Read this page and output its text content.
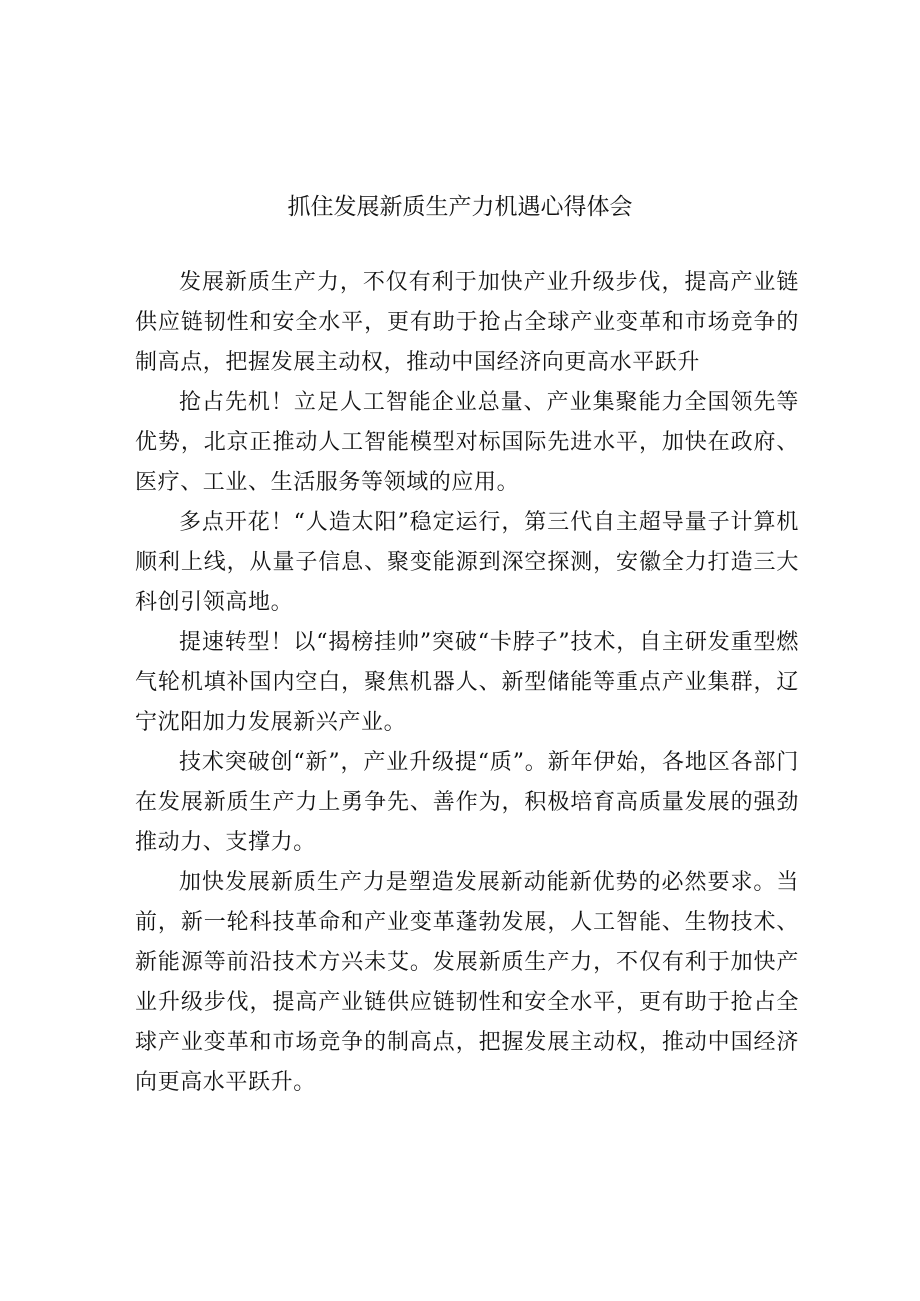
抓住发展新质生产力机遇心得体会

发展新质生产力，不仅有利于加快产业升级步伐，提高产业链供应链韧性和安全水平，更有助于抢占全球产业变革和市场竞争的制高点，把握发展主动权，推动中国经济向更高水平跃升

抢占先机！立足人工智能企业总量、产业集聚能力全国领先等优势，北京正推动人工智能模型对标国际先进水平，加快在政府、医疗、工业、生活服务等领域的应用。

多点开花！“人造太阳”稳定运行，第三代自主超导量子计算机顺利上线，从量子信息、聚变能源到深空探测，安徽全力打造三大科创引领高地。

提速转型！以“揭榜挂帅”突破“卡脖子”技术，自主研发重型燃气轮机填补国内空白，聚焦机器人、新型储能等重点产业集群，辽宁沈阳加力发展新兴产业。

技术突破创“新”，产业升级提“质”。新年伊始，各地区各部门在发展新质生产力上勇争先、善作为，积极培育高质量发展的强劲推动力、支撑力。

加快发展新质生产力是塑造发展新动能新优势的必然要求。当前，新一轮科技革命和产业变革蓬勃发展，人工智能、生物技术、新能源等前沿技术方兴未艾。发展新质生产力，不仅有利于加快产业升级步伐，提高产业链供应链韧性和安全水平，更有助于抢占全球产业变革和市场竞争的制高点，把握发展主动权，推动中国经济向更高水平跃升。
